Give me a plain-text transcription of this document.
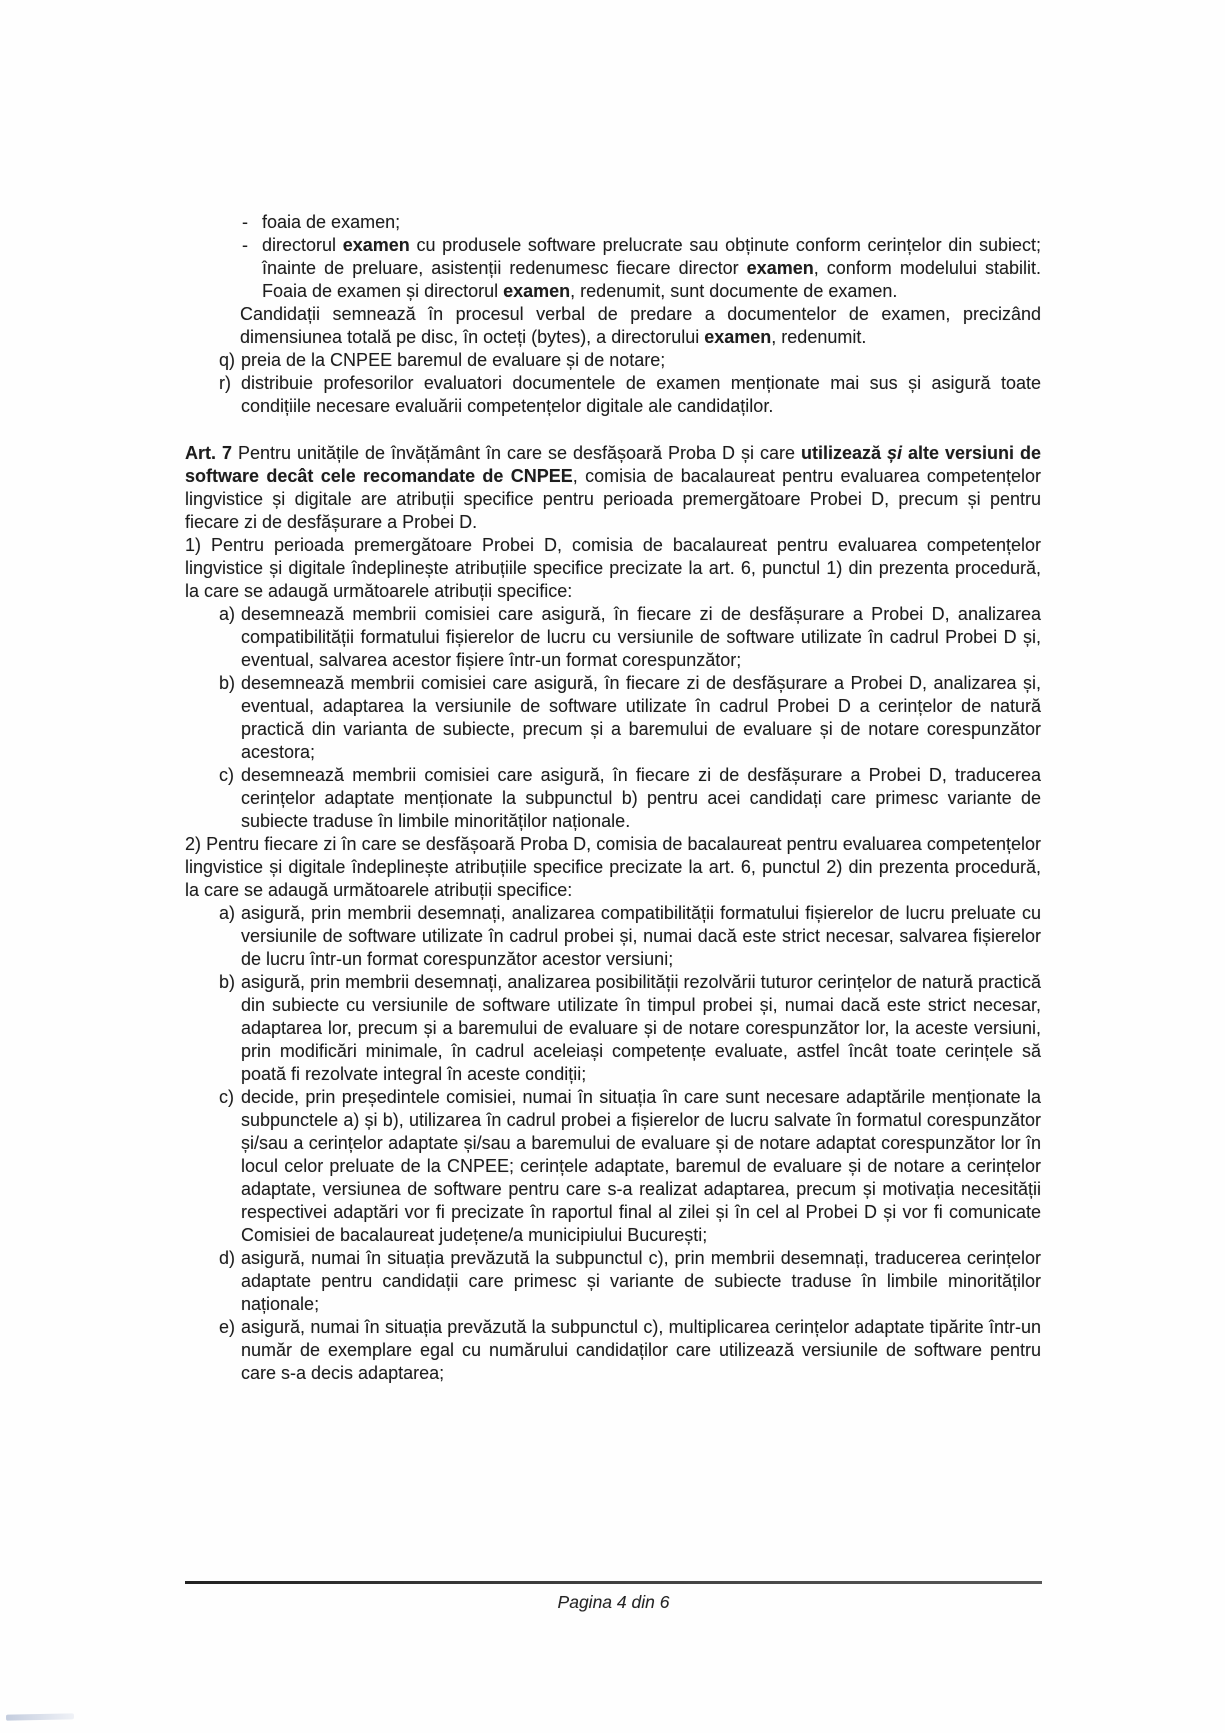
- foaia de examen;
- directorul examen cu produsele software prelucrate sau obținute conform cerințelor din subiect; înainte de preluare, asistenții redenumesc fiecare director examen, conform modelului stabilit. Foaia de examen și directorul examen, redenumit, sunt documente de examen.
Candidații semnează în procesul verbal de predare a documentelor de examen, precizând dimensiunea totală pe disc, în octeți (bytes), a directorului examen, redenumit.
q) preia de la CNPEE baremul de evaluare și de notare;
r) distribuie profesorilor evaluatori documentele de examen menționate mai sus și asigură toate condițiile necesare evaluării competențelor digitale ale candidaților.
Art. 7 Pentru unitățile de învățământ în care se desfășoară Proba D și care utilizează și alte versiuni de software decât cele recomandate de CNPEE, comisia de bacalaureat pentru evaluarea competențelor lingvistice și digitale are atribuții specifice pentru perioada premergătoare Probei D, precum și pentru fiecare zi de desfășurare a Probei D.
1) Pentru perioada premergătoare Probei D, comisia de bacalaureat pentru evaluarea competențelor lingvistice și digitale îndeplinește atribuțiile specifice precizate la art. 6, punctul 1) din prezenta procedură, la care se adaugă următoarele atribuții specifice:
a) desemnează membrii comisiei care asigură, în fiecare zi de desfășurare a Probei D, analizarea compatibilității formatului fișierelor de lucru cu versiunile de software utilizate în cadrul Probei D și, eventual, salvarea acestor fișiere într-un format corespunzător;
b) desemnează membrii comisiei care asigură, în fiecare zi de desfășurare a Probei D, analizarea și, eventual, adaptarea la versiunile de software utilizate în cadrul Probei D a cerințelor de natură practică din varianta de subiecte, precum și a baremului de evaluare și de notare corespunzător acestora;
c) desemnează membrii comisiei care asigură, în fiecare zi de desfășurare a Probei D, traducerea cerințelor adaptate menționate la subpunctul b) pentru acei candidați care primesc variante de subiecte traduse în limbile minorităților naționale.
2) Pentru fiecare zi în care se desfășoară Proba D, comisia de bacalaureat pentru evaluarea competențelor lingvistice și digitale îndeplinește atribuțiile specifice precizate la art. 6, punctul 2) din prezenta procedură, la care se adaugă următoarele atribuții specifice:
a) asigură, prin membrii desemnați, analizarea compatibilității formatului fișierelor de lucru preluate cu versiunile de software utilizate în cadrul probei și, numai dacă este strict necesar, salvarea fișierelor de lucru într-un format corespunzător acestor versiuni;
b) asigură, prin membrii desemnați, analizarea posibilității rezolvării tuturor cerințelor de natură practică din subiecte cu versiunile de software utilizate în timpul probei și, numai dacă este strict necesar, adaptarea lor, precum și a baremului de evaluare și de notare corespunzător lor, la aceste versiuni, prin modificări minimale, în cadrul aceleiași competențe evaluate, astfel încât toate cerințele să poată fi rezolvate integral în aceste condiții;
c) decide, prin președintele comisiei, numai în situația în care sunt necesare adaptările menționate la subpunctele a) și b), utilizarea în cadrul probei a fișierelor de lucru salvate în formatul corespunzător și/sau a cerințelor adaptate și/sau a baremului de evaluare și de notare adaptat corespunzător lor în locul celor preluate de la CNPEE; cerințele adaptate, baremul de evaluare și de notare a cerințelor adaptate, versiunea de software pentru care s-a realizat adaptarea, precum și motivația necesității respectivei adaptări vor fi precizate în raportul final al zilei și în cel al Probei D și vor fi comunicate Comisiei de bacalaureat județene/a municipiului București;
d) asigură, numai în situația prevăzută la subpunctul c), prin membrii desemnați, traducerea cerințelor adaptate pentru candidații care primesc și variante de subiecte traduse în limbile minorităților naționale;
e) asigură, numai în situația prevăzută la subpunctul c), multiplicarea cerințelor adaptate tipărite într-un număr de exemplare egal cu numărului candidaților care utilizează versiunile de software pentru care s-a decis adaptarea;
Pagina 4 din 6
